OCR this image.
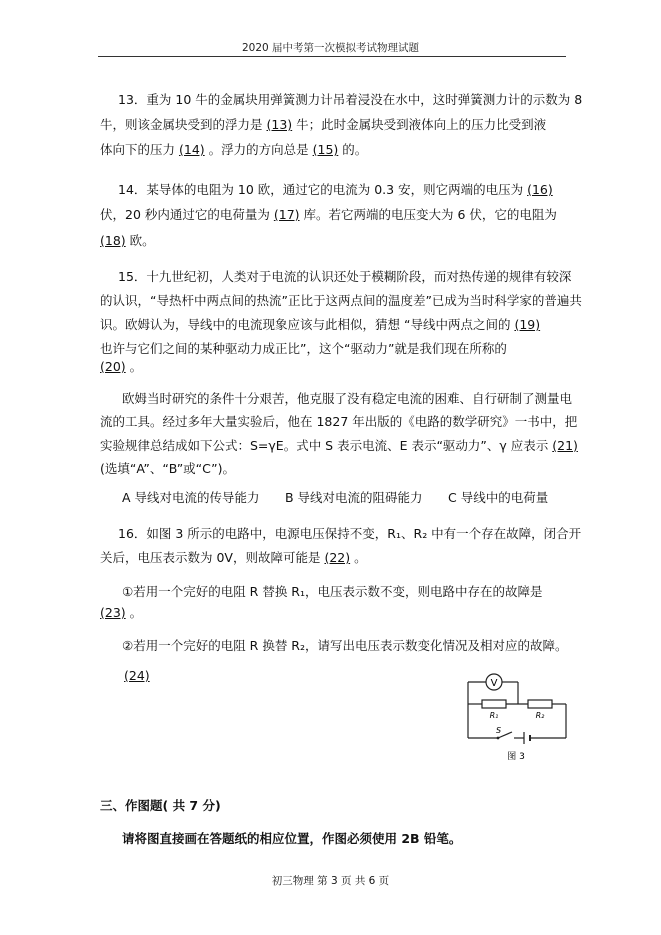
2020 届中考第一次模拟考试物理试题
13．重为 10 牛的金属块用弹簧测力计吊着浸没在水中，这时弹簧测力计的示数为 8
牛，则该金属块受到的浮力是 (13) 牛；此时金属块受到液体向上的压力比受到液
体向下的压力 (14) 。浮力的方向总是 (15) 的。
14．某导体的电阻为 10 欧，通过它的电流为 0.3 安，则它两端的电压为 (16)
伏，20 秒内通过它的电荷量为 (17) 库。若它两端的电压变大为 6 伏，它的电阻为
(18) 欧。
15．十九世纪初，人类对于电流的认识还处于模糊阶段，而对热传递的规律有较深
的认识，“导热杆中两点间的热流”正比于这两点间的温度差”已成为当时科学家的普遍共
识。欧姆认为，导线中的电流现象应该与此相似，猜想 “导线中两点之间的 (19)
也许与它们之间的某种驱动力成正比”，这个“驱动力”就是我们现在所称的
(20) 。
欧姆当时研究的条件十分艰苦，他克服了没有稳定电流的困难、自行研制了测量电
流的工具。经过多年大量实验后，他在 1827 年出版的《电路的数学研究》一书中，把
实验规律总结成如下公式：S=γE。式中 S 表示电流、E 表示“驱动力”、γ 应表示 (21)
(选填“A”、“B”或“C”)。
A 导线对电流的传导能力 B 导线对电流的阻碍能力 C 导线中的电荷量
16．如图 3 所示的电路中，电源电压保持不变，R₁、R₂ 中有一个存在故障，闭合开
关后，电压表示数为 0V，则故障可能是 (22) 。
①若用一个完好的电阻 R 替换 R₁，电压表示数不变，则电路中存在的故障是
(23) 。
②若用一个完好的电阻 R 换替 R₂，请写出电压表示数变化情况及相对应的故障。
(24)
V
R₁	R₂
S
图 3
三、作图题( 共 7 分)
请将图直接画在答题纸的相应位置，作图必须使用 2B 铅笔。
初三物理 第 3 页 共 6 页
